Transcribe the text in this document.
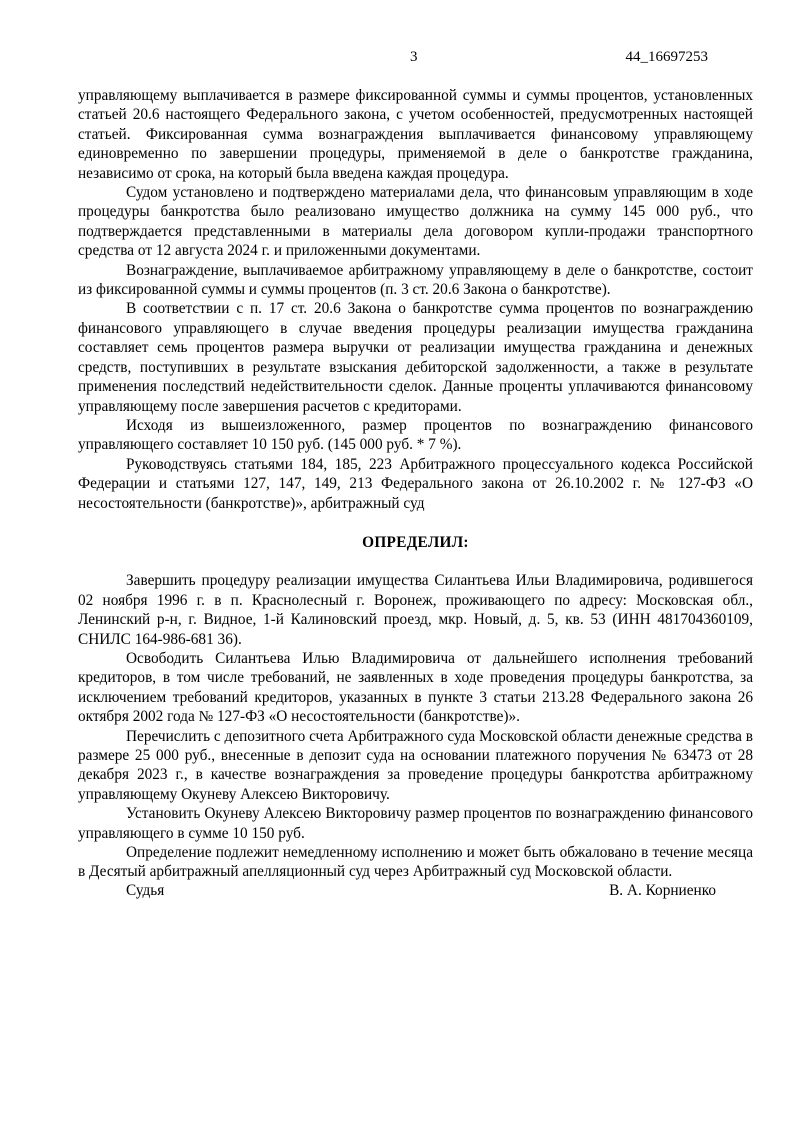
3	44_16697253

управляющему выплачивается в размере фиксированной суммы и суммы процентов, установленных статьей 20.6 настоящего Федерального закона, с учетом особенностей, предусмотренных настоящей статьей. Фиксированная сумма вознаграждения выплачивается финансовому управляющему единовременно по завершении процедуры, применяемой в деле о банкротстве гражданина, независимо от срока, на который была введена каждая процедура.

Судом установлено и подтверждено материалами дела, что финансовым управляющим в ходе процедуры банкротства было реализовано имущество должника на сумму 145 000 руб., что подтверждается представленными в материалы дела договором купли-продажи транспортного средства от 12 августа 2024 г. и приложенными документами.

Вознаграждение, выплачиваемое арбитражному управляющему в деле о банкротстве, состоит из фиксированной суммы и суммы процентов (п. 3 ст. 20.6 Закона о банкротстве).

В соответствии с п. 17 ст. 20.6 Закона о банкротстве сумма процентов по вознаграждению финансового управляющего в случае введения процедуры реализации имущества гражданина составляет семь процентов размера выручки от реализации имущества гражданина и денежных средств, поступивших в результате взыскания дебиторской задолженности, а также в результате применения последствий недействительности сделок. Данные проценты уплачиваются финансовому управляющему после завершения расчетов с кредиторами.

Исходя из вышеизложенного, размер процентов по вознаграждению финансового управляющего составляет 10 150 руб. (145 000 руб. * 7 %).

Руководствуясь статьями 184, 185, 223 Арбитражного процессуального кодекса Российской Федерации и статьями 127, 147, 149, 213 Федерального закона от 26.10.2002 г. № 127-ФЗ «О несостоятельности (банкротстве)», арбитражный суд

ОПРЕДЕЛИЛ:

Завершить процедуру реализации имущества Силантьева Ильи Владимировича, родившегося 02 ноября 1996 г. в п. Краснолесный г. Воронеж, проживающего по адресу: Московская обл., Ленинский р-н, г. Видное, 1-й Калиновский проезд, мкр. Новый, д. 5, кв. 53 (ИНН 481704360109, СНИЛС 164-986-681 36).

Освободить Силантьева Илью Владимировича от дальнейшего исполнения требований кредиторов, в том числе требований, не заявленных в ходе проведения процедуры банкротства, за исключением требований кредиторов, указанных в пункте 3 статьи 213.28 Федерального закона 26 октября 2002 года № 127-ФЗ «О несостоятельности (банкротстве)».

Перечислить с депозитного счета Арбитражного суда Московской области денежные средства в размере 25 000 руб., внесенные в депозит суда на основании платежного поручения № 63473 от 28 декабря 2023 г., в качестве вознаграждения за проведение процедуры банкротства арбитражному управляющему Окуневу Алексею Викторовичу.

Установить Окуневу Алексею Викторовичу размер процентов по вознаграждению финансового управляющего в сумме 10 150 руб.

Определение подлежит немедленному исполнению и может быть обжаловано в течение месяца в Десятый арбитражный апелляционный суд через Арбитражный суд Московской области.

Судья	В. А. Корниенко
